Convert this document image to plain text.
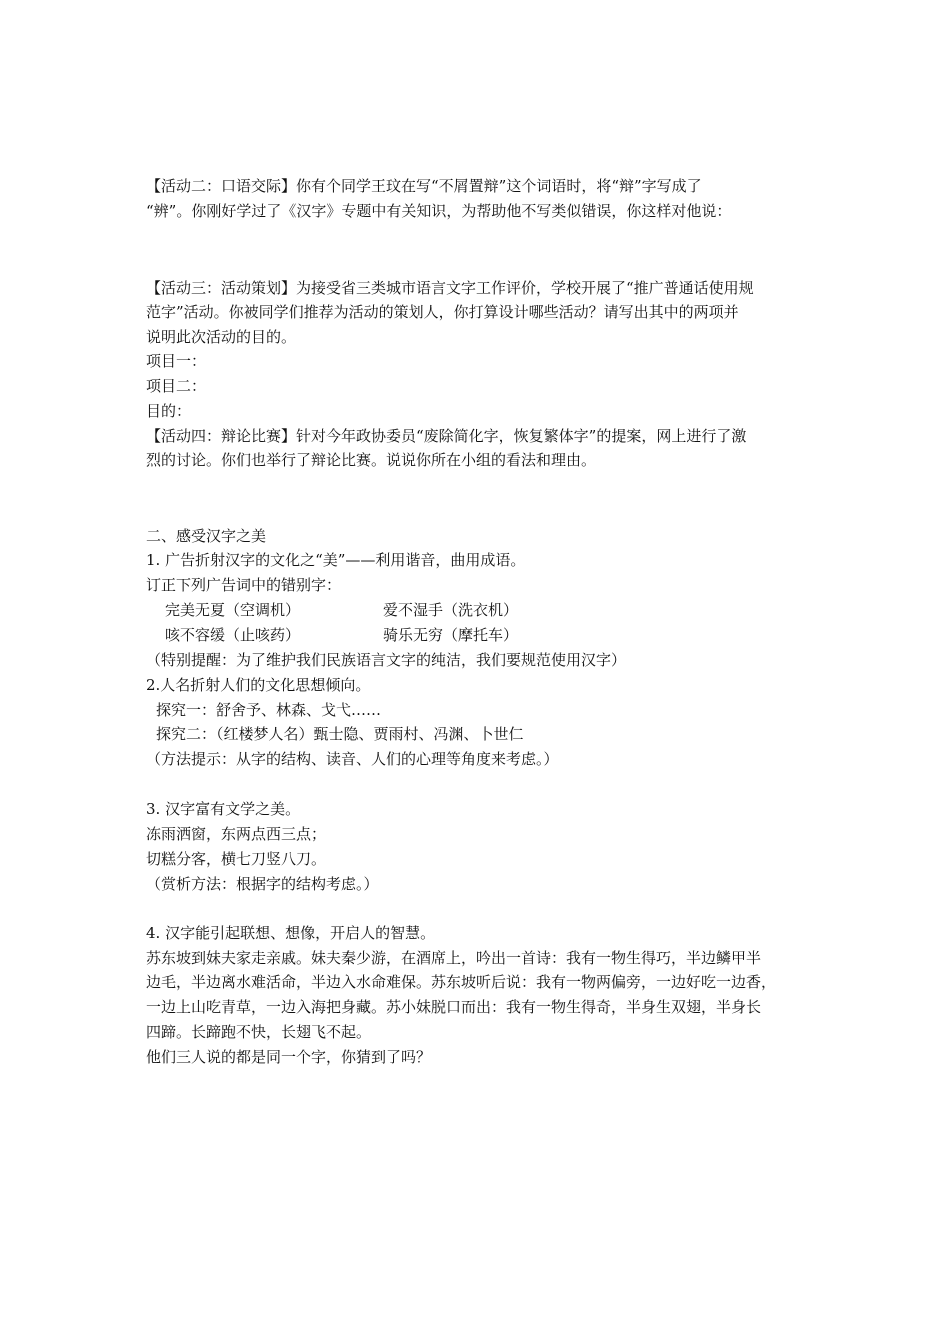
【活动二：口语交际】你有个同学王玟在写“不屑置辩”这个词语时，将“辩”字写成了
“辨”。你刚好学过了《汉字》专题中有关知识，为帮助他不写类似错误，你这样对他说：
【活动三：活动策划】为接受省三类城市语言文字工作评价，学校开展了“推广普通话使用规
范字”活动。你被同学们推荐为活动的策划人，你打算设计哪些活动？请写出其中的两项并
说明此次活动的目的。
项目一：
项目二：
目的：
【活动四：辩论比赛】针对今年政协委员“废除简化字，恢复繁体字”的提案，网上进行了激
烈的讨论。你们也举行了辩论比赛。说说你所在小组的看法和理由。
二、感受汉字之美
1. 广告折射汉字的文化之“美”——利用谐音，曲用成语。
订正下列广告词中的错别字：
完美无夏（空调机）	爱不湿手（洗衣机）
咳不容缓（止咳药）	骑乐无穷（摩托车）
（特别提醒：为了维护我们民族语言文字的纯洁，我们要规范使用汉字）
2.人名折射人们的文化思想倾向。
探究一：舒舍予、林森、戈弋……
探究二：（红楼梦人名）甄士隐、贾雨村、冯渊、卜世仁
（方法提示：从字的结构、读音、人们的心理等角度来考虑。）
3. 汉字富有文学之美。
冻雨洒窗，东两点西三点；
切糕分客，横七刀竖八刀。
（赏析方法：根据字的结构考虑。）
4. 汉字能引起联想、想像，开启人的智慧。
苏东坡到妹夫家走亲戚。妹夫秦少游，在酒席上，吟出一首诗：我有一物生得巧，半边鳞甲半
边毛，半边离水难活命，半边入水命难保。苏东坡听后说：我有一物两偏旁，一边好吃一边香，
一边上山吃青草，一边入海把身藏。苏小妹脱口而出：我有一物生得奇，半身生双翅，半身长
四蹄。长蹄跑不快，长翅飞不起。
他们三人说的都是同一个字，你猜到了吗？
